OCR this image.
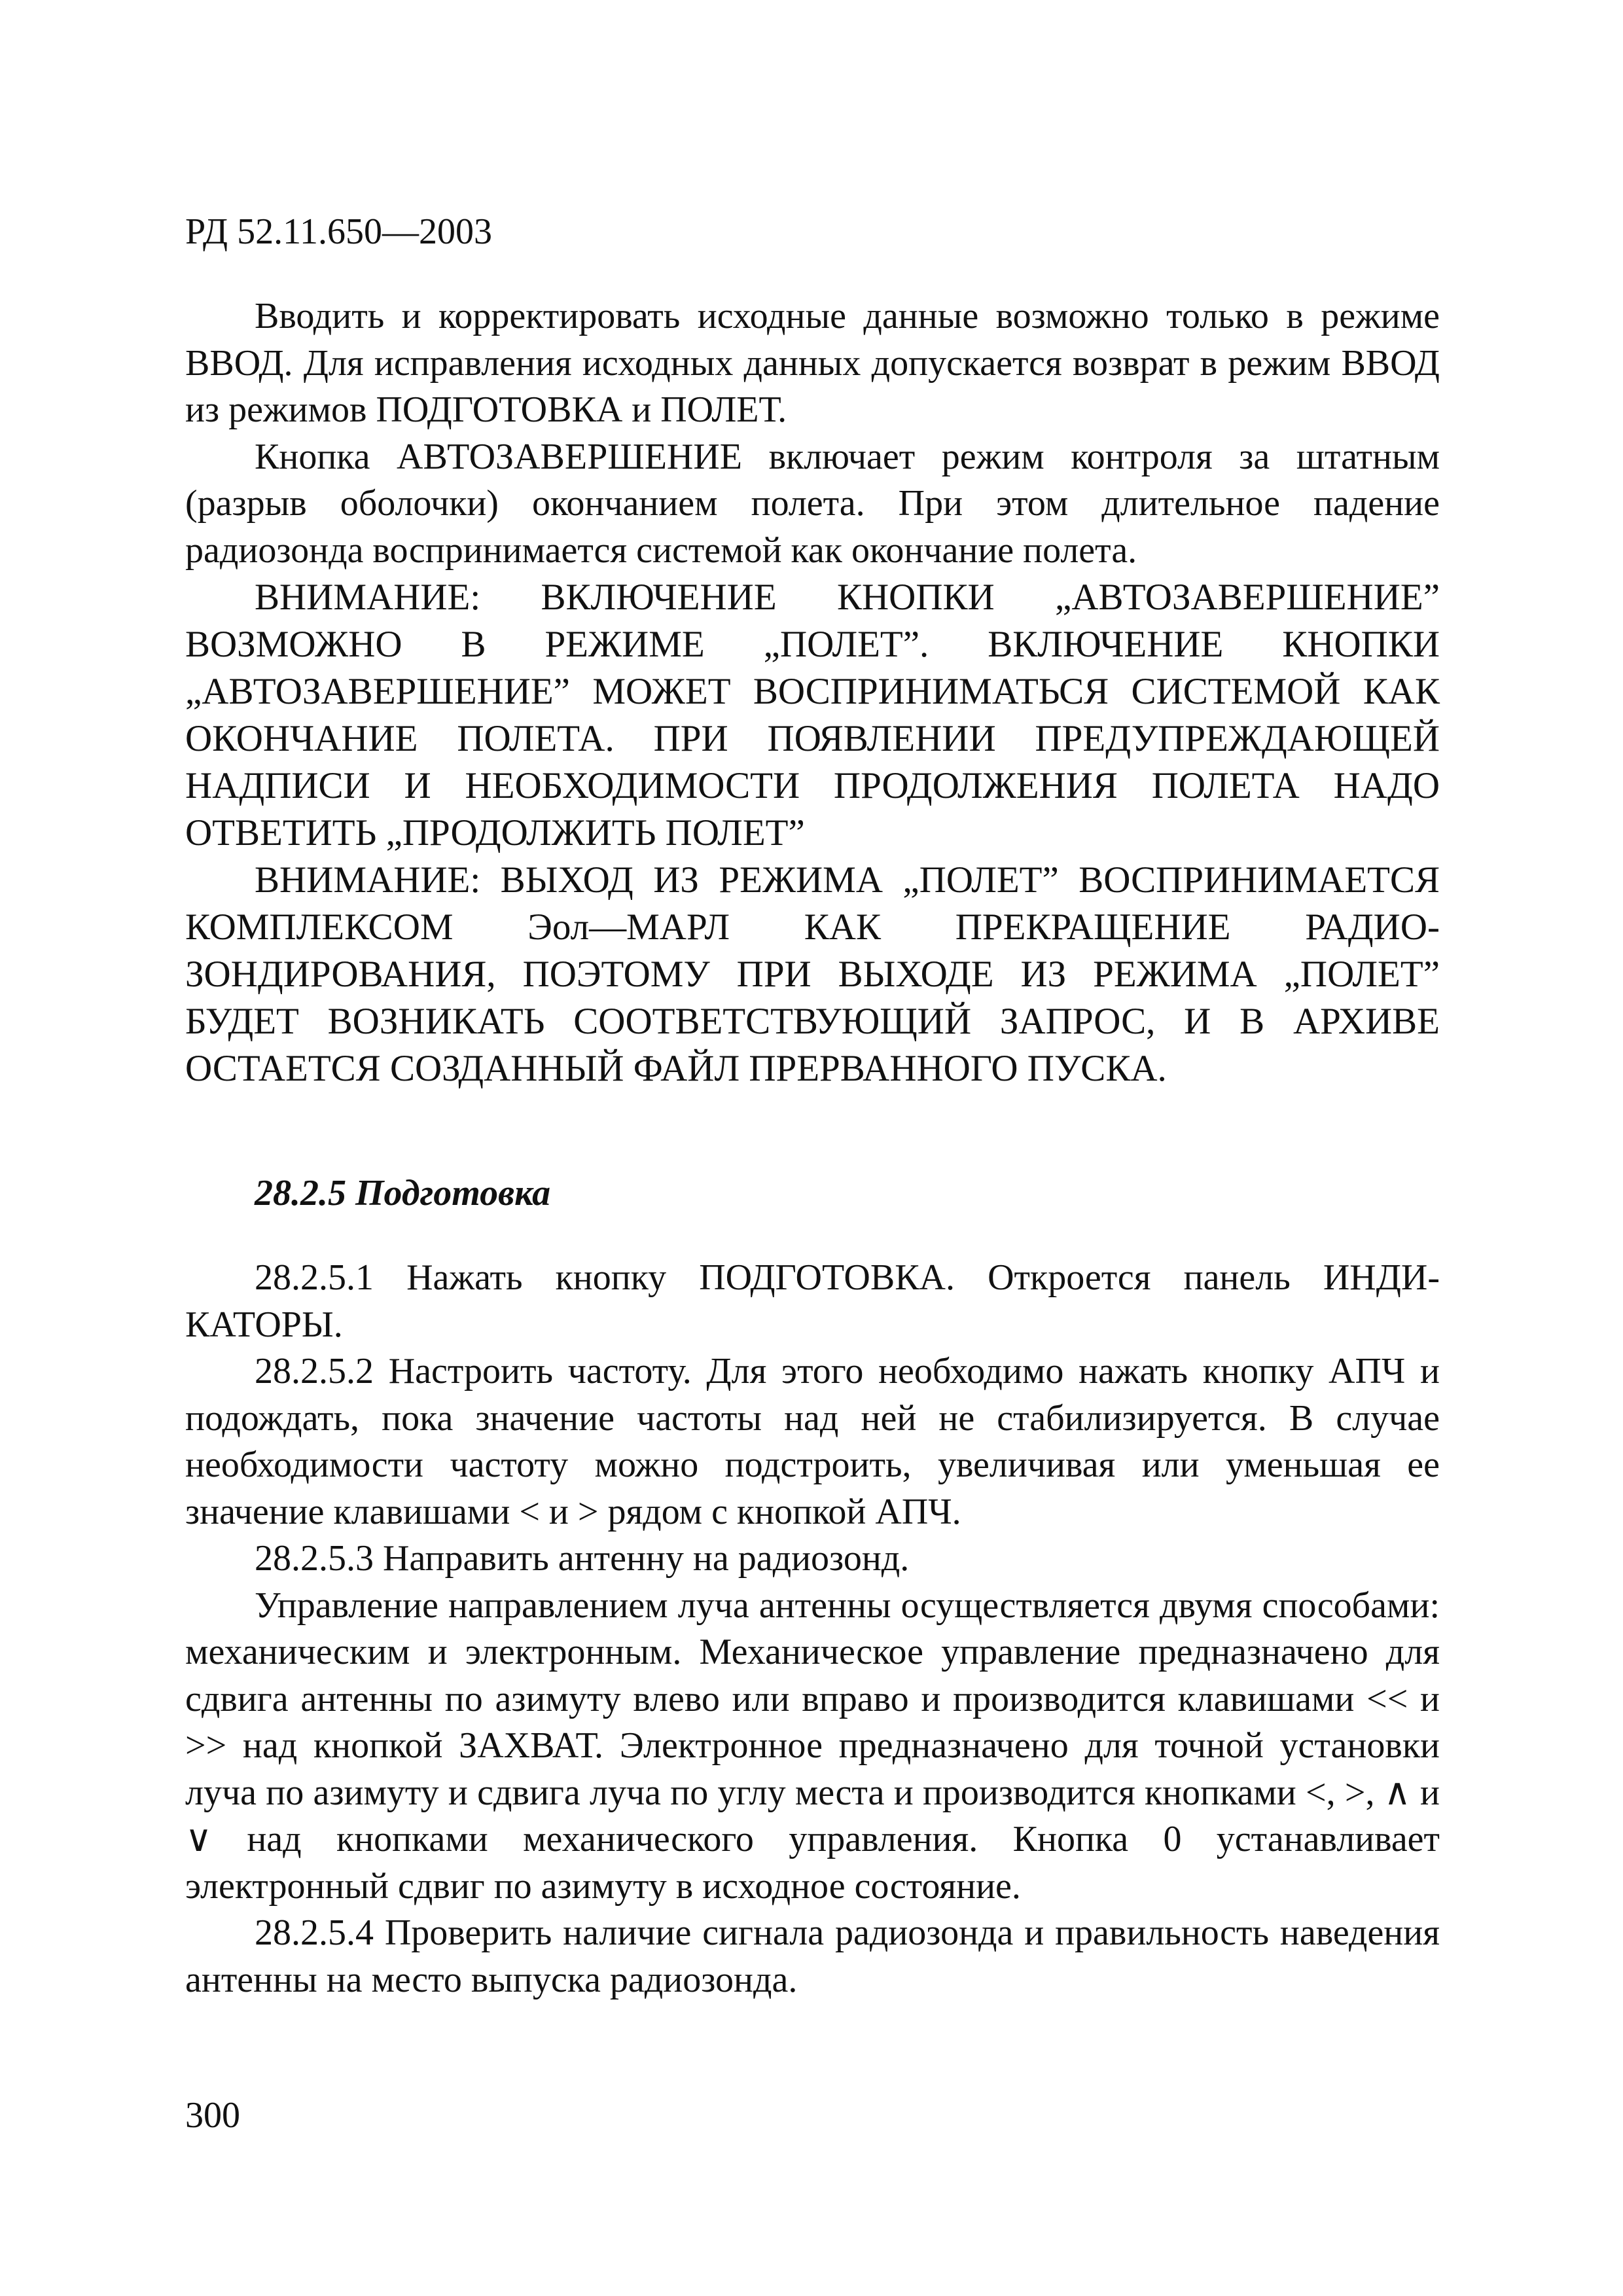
РД 52.11.650—2003

Вводить и корректировать исходные данные возможно только в режиме ВВОД. Для исправления исходных данных допускается возврат в режим ВВОД из режимов ПОДГОТОВКА и ПОЛЕТ.

Кнопка АВТОЗАВЕРШЕНИЕ включает режим контроля за штатным (разрыв оболочки) окончанием полета. При этом длительное падение радиозонда воспринимается системой как окончание полета.

ВНИМАНИЕ: ВКЛЮЧЕНИЕ КНОПКИ „АВТОЗАВЕРШЕНИЕ” ВОЗМОЖНО В РЕЖИМЕ „ПОЛЕТ”. ВКЛЮЧЕНИЕ КНОПКИ „АВТОЗАВЕРШЕНИЕ” МОЖЕТ ВОСПРИНИМАТЬСЯ СИСТЕМОЙ КАК ОКОНЧАНИЕ ПОЛЕТА. ПРИ ПОЯВЛЕНИИ ПРЕДУПРЕЖДАЮЩЕЙ НАДПИСИ И НЕОБХОДИМОСТИ ПРОДОЛЖЕНИЯ ПОЛЕТА НАДО ОТВЕТИТЬ „ПРОДОЛЖИТЬ ПОЛЕТ”

ВНИМАНИЕ: ВЫХОД ИЗ РЕЖИМА „ПОЛЕТ” ВОСПРИНИМАЕТСЯ КОМПЛЕКСОМ Эол—МАРЛ КАК ПРЕКРАЩЕНИЕ РАДИОЗОНДИРОВАНИЯ, ПОЭТОМУ ПРИ ВЫХОДЕ ИЗ РЕЖИМА „ПОЛЕТ” БУДЕТ ВОЗНИКАТЬ СООТВЕТСТВУЮЩИЙ ЗАПРОС, И В АРХИВЕ ОСТАЕТСЯ СОЗДАННЫЙ ФАЙЛ ПРЕРВАННОГО ПУСКА.

28.2.5 Подготовка

28.2.5.1 Нажать кнопку ПОДГОТОВКА. Откроется панель ИНДИКАТОРЫ.

28.2.5.2 Настроить частоту. Для этого необходимо нажать кнопку АПЧ и подождать, пока значение частоты над ней не стабилизируется. В случае необходимости частоту можно подстроить, увеличивая или уменьшая ее значение клавишами < и > рядом с кнопкой АПЧ.

28.2.5.3 Направить антенну на радиозонд.

Управление направлением луча антенны осуществляется двумя способами: механическим и электронным. Механическое управление предназначено для сдвига антенны по азимуту влево или вправо и производится клавишами << и >> над кнопкой ЗАХВАТ. Электронное предназначено для точной установки луча по азимуту и сдвига луча по углу места и производится кнопками <, >, ∧ и ∨ над кнопками механического управления. Кнопка 0 устанавливает электронный сдвиг по азимуту в исходное состояние.

28.2.5.4 Проверить наличие сигнала радиозонда и правильность наведения антенны на место выпуска радиозонда.

300
